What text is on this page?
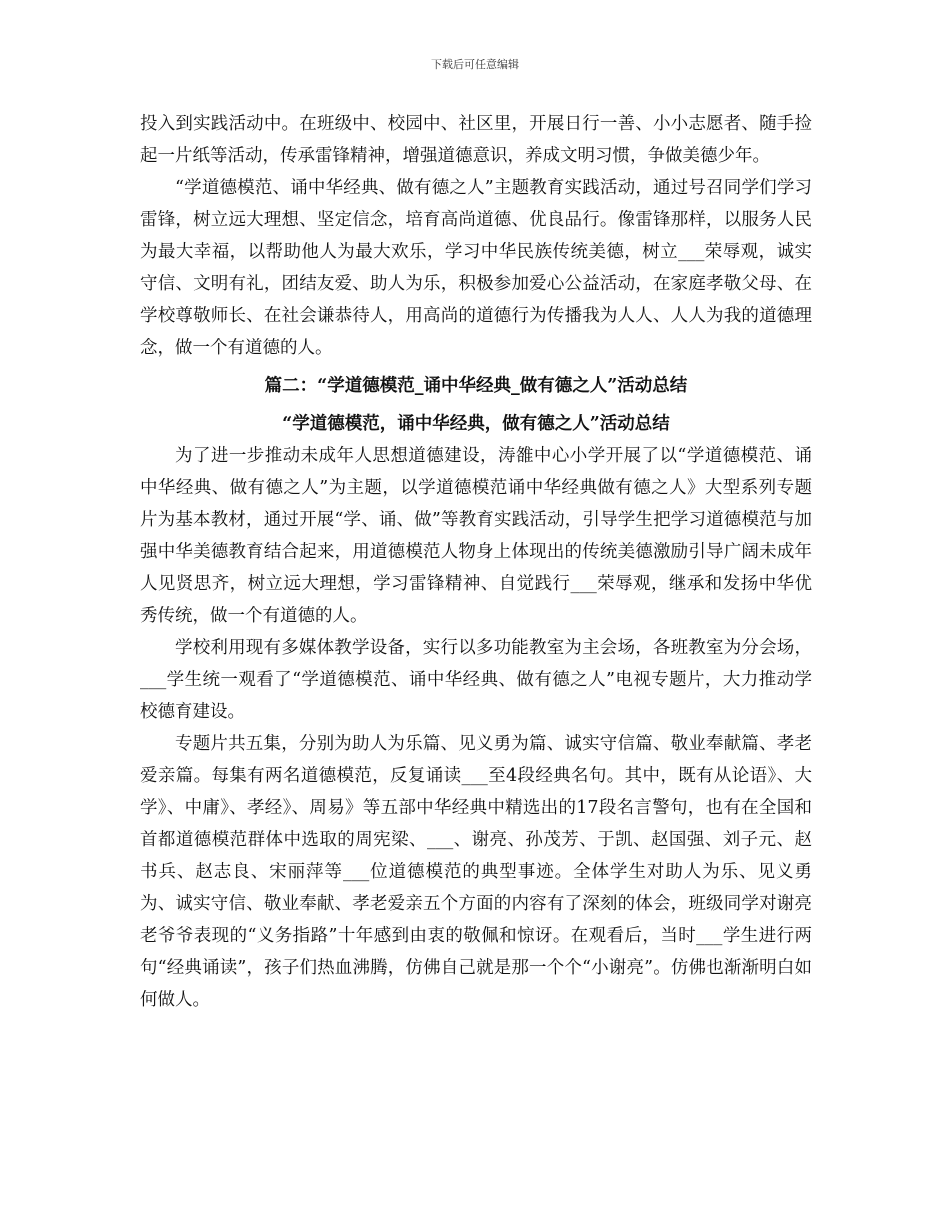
下载后可任意编辑

投入到实践活动中。在班级中、校园中、社区里，开展日行一善、小小志愿者、随手捡起一片纸等活动，传承雷锋精神，增强道德意识，养成文明习惯，争做美德少年。

“学道德模范、诵中华经典、做有德之人”主题教育实践活动，通过号召同学们学习雷锋，树立远大理想、坚定信念，培育高尚道德、优良品行。像雷锋那样，以服务人民为最大幸福，以帮助他人为最大欢乐，学习中华民族传统美德，树立___荣辱观，诚实守信、文明有礼，团结友爱、助人为乐，积极参加爱心公益活动，在家庭孝敬父母、在学校尊敬师长、在社会谦恭待人，用高尚的道德行为传播我为人人、人人为我的道德理念，做一个有道德的人。

篇二：“学道德模范_诵中华经典_做有德之人”活动总结
“学道德模范，诵中华经典，做有德之人”活动总结

为了进一步推动未成年人思想道德建设，涛雒中心小学开展了以“学道德模范、诵中华经典、做有德之人”为主题，以学道德模范诵中华经典做有德之人》大型系列专题片为基本教材，通过开展“学、诵、做”等教育实践活动，引导学生把学习道德模范与加强中华美德教育结合起来，用道德模范人物身上体现出的传统美德激励引导广阔未成年人见贤思齐，树立远大理想，学习雷锋精神、自觉践行___荣辱观，继承和发扬中华优秀传统，做一个有道德的人。

学校利用现有多媒体教学设备，实行以多功能教室为主会场，各班教室为分会场，___学生统一观看了“学道德模范、诵中华经典、做有德之人”电视专题片，大力推动学校德育建设。

专题片共五集，分别为助人为乐篇、见义勇为篇、诚实守信篇、敬业奉献篇、孝老爱亲篇。每集有两名道德模范，反复诵读___至4段经典名句。其中，既有从论语》、大学》、中庸》、孝经》、周易》等五部中华经典中精选出的17段名言警句，也有在全国和首都道德模范群体中选取的周宪梁、___、谢亮、孙茂芳、于凯、赵国强、刘子元、赵书兵、赵志良、宋丽萍等___位道德模范的典型事迹。全体学生对助人为乐、见义勇为、诚实守信、敬业奉献、孝老爱亲五个方面的内容有了深刻的体会，班级同学对谢亮老爷爷表现的“义务指路”十年感到由衷的敬佩和惊讶。在观看后，当时___学生进行两句“经典诵读”，孩子们热血沸腾，仿佛自己就是那一个个“小谢亮”。仿佛也渐渐明白如何做人。
